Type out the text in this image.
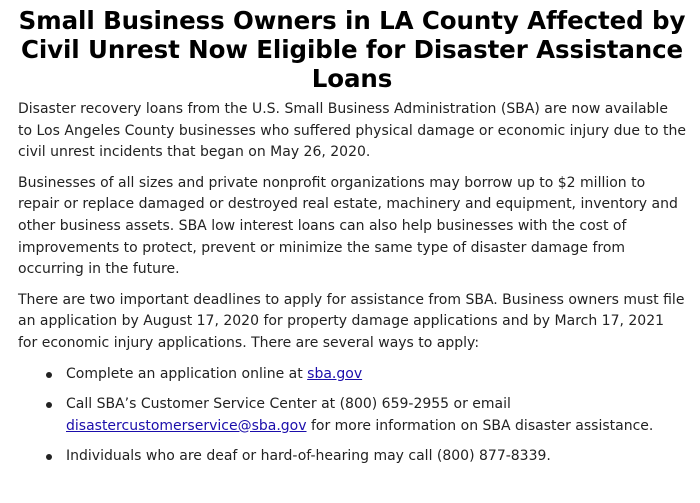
Small Business Owners in LA County Affected by Civil Unrest Now Eligible for Disaster Assistance Loans

Disaster recovery loans from the U.S. Small Business Administration (SBA) are now available to Los Angeles County businesses who suffered physical damage or economic injury due to the civil unrest incidents that began on May 26, 2020.

Businesses of all sizes and private nonprofit organizations may borrow up to $2 million to repair or replace damaged or destroyed real estate, machinery and equipment, inventory and other business assets. SBA low interest loans can also help businesses with the cost of improvements to protect, prevent or minimize the same type of disaster damage from occurring in the future.

There are two important deadlines to apply for assistance from SBA. Business owners must file an application by August 17, 2020 for property damage applications and by March 17, 2021 for economic injury applications. There are several ways to apply:

Complete an application online at sba.gov
Call SBA’s Customer Service Center at (800) 659-2955 or email disastercustomerservice@sba.gov for more information on SBA disaster assistance.
Individuals who are deaf or hard-of-hearing may call (800) 877-8339.
